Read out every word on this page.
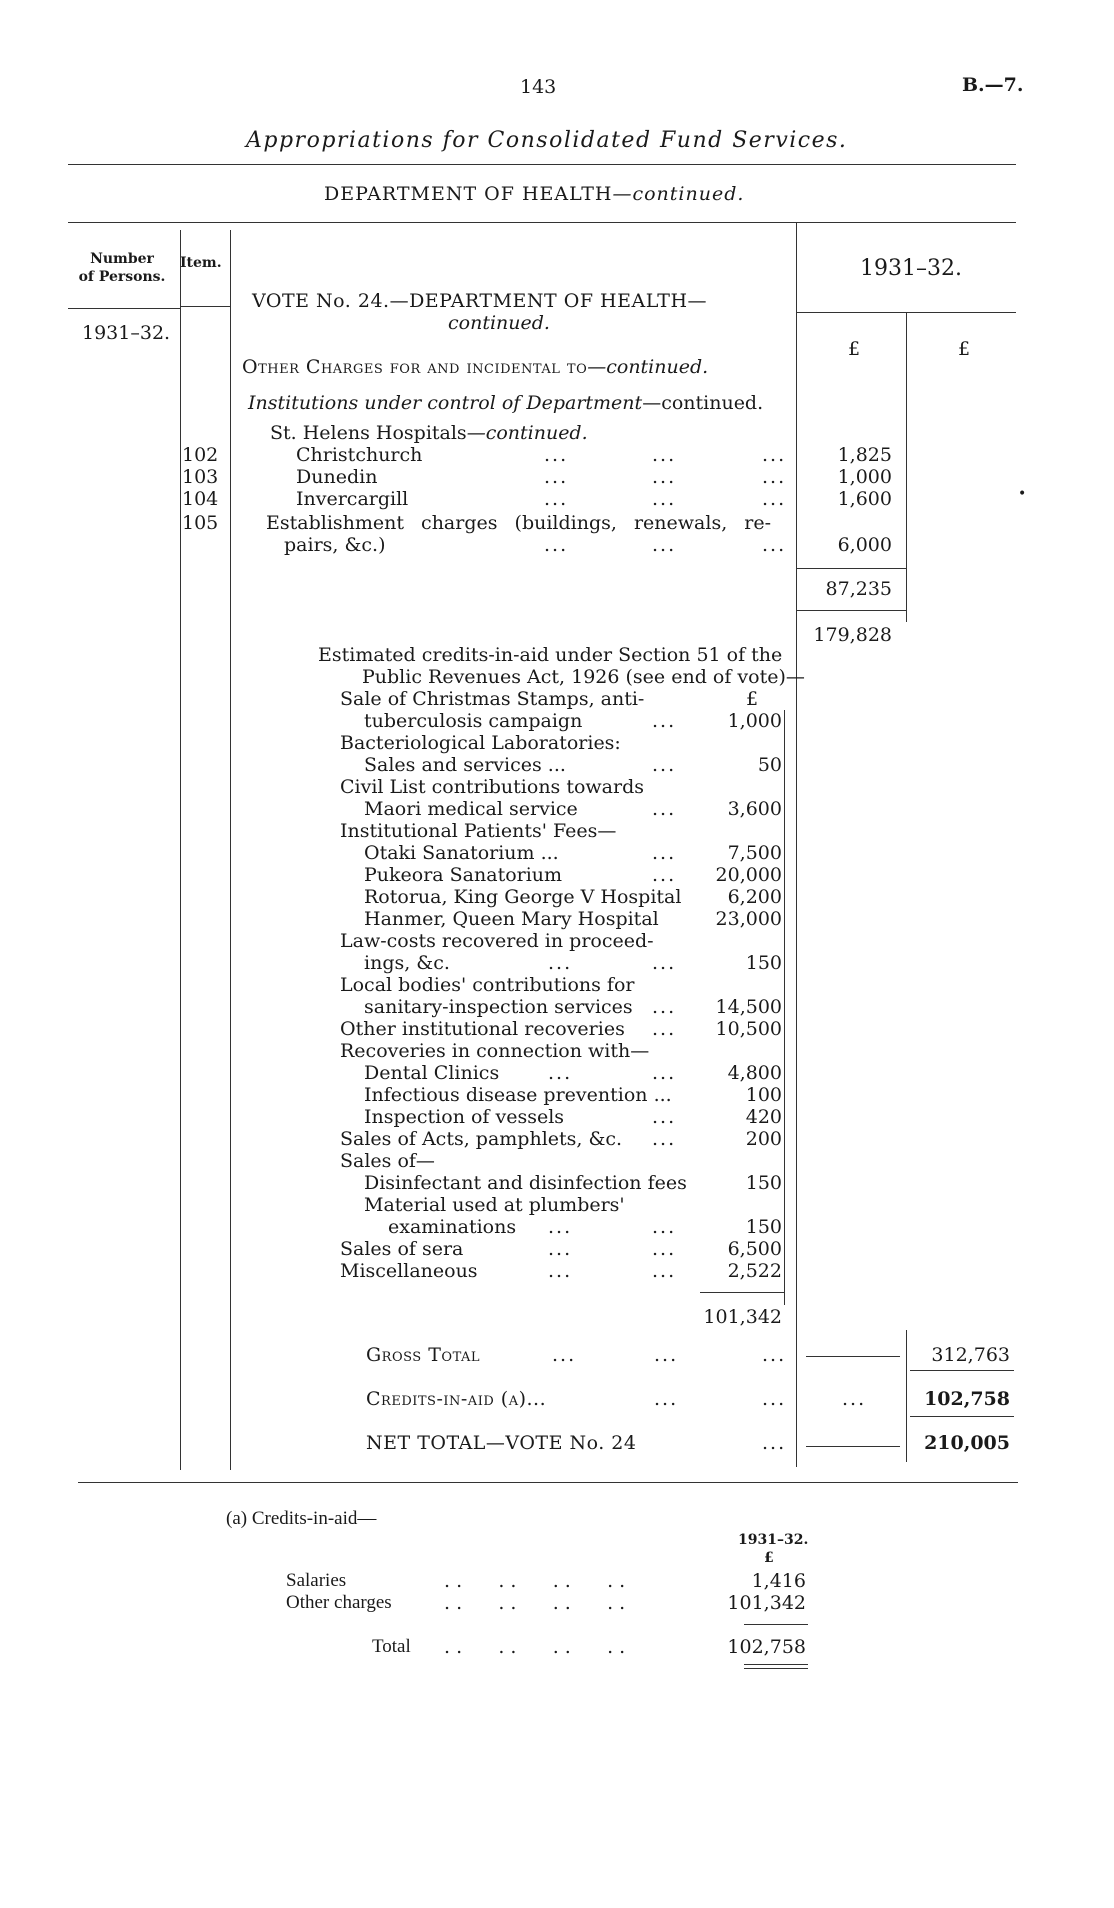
143	B.—7.
Appropriations for Consolidated Fund Services.
DEPARTMENT OF HEALTH—continued.
Number
of Persons.
Item.	1931–32.
1931–32.
£	£
VOTE No. 24.—DEPARTMENT OF HEALTH—
continued.
Other Charges for and incidental to—continued.
Institutions under control of Department—continued.
St. Helens Hospitals—continued.
102	Christchurch	...	...	...	1,825
103	Dunedin	...	...	...	1,000
104	Invercargill	...	...	...	1,600	•
105	Establishment charges (buildings, renewals, re-
pairs, &c.)	...	...	...	6,000
87,235
179,828
Estimated credits-in-aid under Section 51 of the
Public Revenues Act, 1926 (see end of vote)—
£
Sale of Christmas Stamps, anti-
tuberculosis campaign	...	1,000
Bacteriological Laboratories:
Sales and services ...	...	50
Civil List contributions towards
Maori medical service	...	3,600
Institutional Patients' Fees—
Otaki Sanatorium ...	...	7,500
Pukeora Sanatorium	...	20,000
Rotorua, King George V Hospital	6,200
Hanmer, Queen Mary Hospital	23,000
Law-costs recovered in proceed-
ings, &c.	...	...	150
Local bodies' contributions for
sanitary-inspection services ...	14,500
Other institutional recoveries ...	10,500
Recoveries in connection with—
Dental Clinics	...	...	4,800
Infectious disease prevention ...	100
Inspection of vessels	...	420
Sales of Acts, pamphlets, &c. ...	200
Sales of—
Disinfectant and disinfection fees	150
Material used at plumbers'
examinations ...	...	150
Sales of sera	...	...	6,500
Miscellaneous	...	...	2,522
101,342
Gross Total	...	...	...	312,763
Credits-in-aid (a)...	...	...	...	102,758
NET TOTAL—VOTE No. 24	...	210,005
(a) Credits-in-aid—
1931–32.
£
Salaries	. .      . .      . .      . .	1,416
Other charges	. .      . .      . .      . .	101,342
Total . .      . .      . .      . .	102,758
